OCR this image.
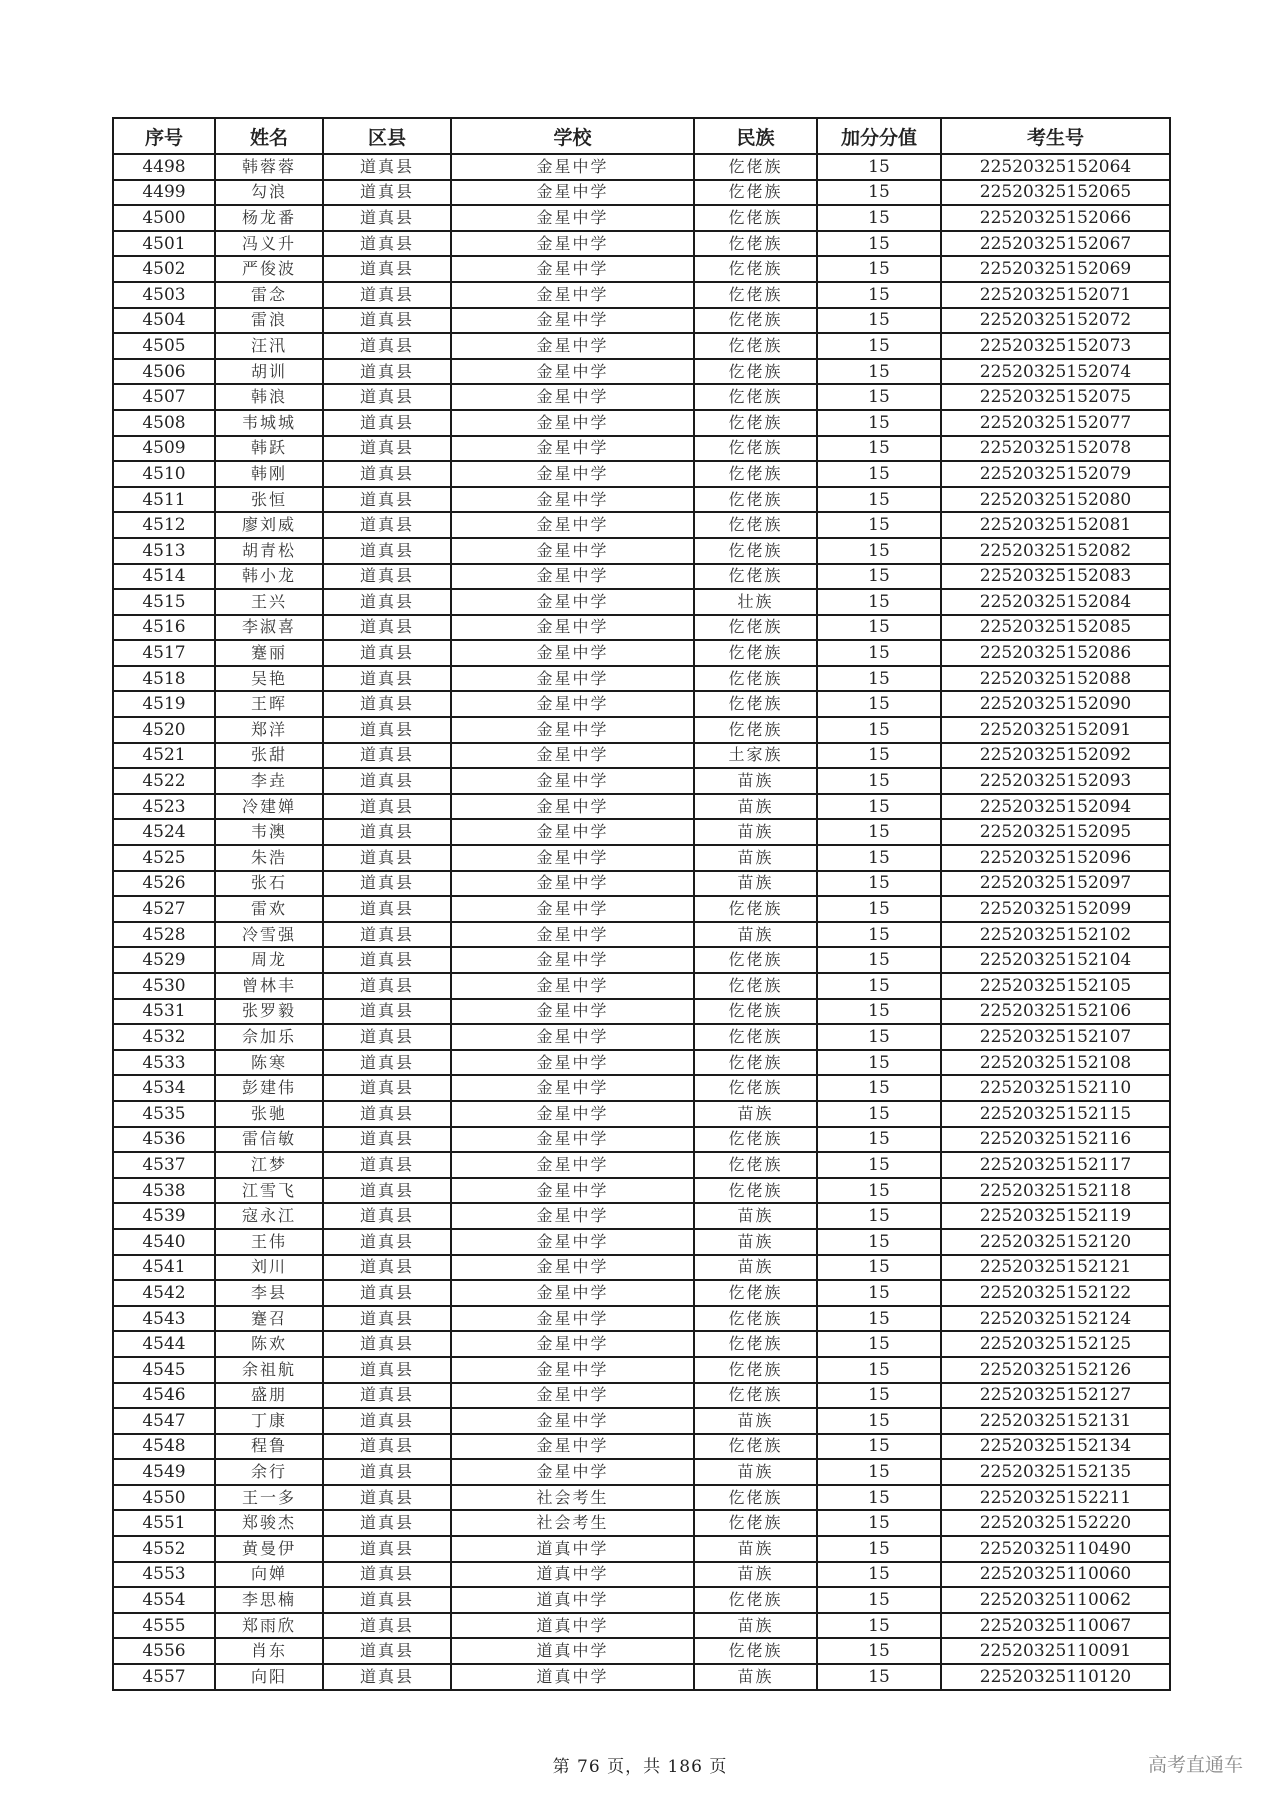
序号	姓名	区县	学校	民族	加分分值	考生号
4498	韩蓉蓉	道真县	金星中学	仡佬族	15	22520325152064
4499	勾浪	道真县	金星中学	仡佬族	15	22520325152065
4500	杨龙番	道真县	金星中学	仡佬族	15	22520325152066
4501	冯义升	道真县	金星中学	仡佬族	15	22520325152067
4502	严俊波	道真县	金星中学	仡佬族	15	22520325152069
4503	雷念	道真县	金星中学	仡佬族	15	22520325152071
4504	雷浪	道真县	金星中学	仡佬族	15	22520325152072
4505	汪汛	道真县	金星中学	仡佬族	15	22520325152073
4506	胡训	道真县	金星中学	仡佬族	15	22520325152074
4507	韩浪	道真县	金星中学	仡佬族	15	22520325152075
4508	韦城城	道真县	金星中学	仡佬族	15	22520325152077
4509	韩跃	道真县	金星中学	仡佬族	15	22520325152078
4510	韩刚	道真县	金星中学	仡佬族	15	22520325152079
4511	张恒	道真县	金星中学	仡佬族	15	22520325152080
4512	廖刘威	道真县	金星中学	仡佬族	15	22520325152081
4513	胡青松	道真县	金星中学	仡佬族	15	22520325152082
4514	韩小龙	道真县	金星中学	仡佬族	15	22520325152083
4515	王兴	道真县	金星中学	壮族	15	22520325152084
4516	李淑喜	道真县	金星中学	仡佬族	15	22520325152085
4517	蹇丽	道真县	金星中学	仡佬族	15	22520325152086
4518	吴艳	道真县	金星中学	仡佬族	15	22520325152088
4519	王晖	道真县	金星中学	仡佬族	15	22520325152090
4520	郑洋	道真县	金星中学	仡佬族	15	22520325152091
4521	张甜	道真县	金星中学	土家族	15	22520325152092
4522	李垚	道真县	金星中学	苗族	15	22520325152093
4523	冷建婵	道真县	金星中学	苗族	15	22520325152094
4524	韦澳	道真县	金星中学	苗族	15	22520325152095
4525	朱浩	道真县	金星中学	苗族	15	22520325152096
4526	张石	道真县	金星中学	苗族	15	22520325152097
4527	雷欢	道真县	金星中学	仡佬族	15	22520325152099
4528	冷雪强	道真县	金星中学	苗族	15	22520325152102
4529	周龙	道真县	金星中学	仡佬族	15	22520325152104
4530	曾林丰	道真县	金星中学	仡佬族	15	22520325152105
4531	张罗毅	道真县	金星中学	仡佬族	15	22520325152106
4532	佘加乐	道真县	金星中学	仡佬族	15	22520325152107
4533	陈寒	道真县	金星中学	仡佬族	15	22520325152108
4534	彭建伟	道真县	金星中学	仡佬族	15	22520325152110
4535	张驰	道真县	金星中学	苗族	15	22520325152115
4536	雷信敏	道真县	金星中学	仡佬族	15	22520325152116
4537	江梦	道真县	金星中学	仡佬族	15	22520325152117
4538	江雪飞	道真县	金星中学	仡佬族	15	22520325152118
4539	寇永江	道真县	金星中学	苗族	15	22520325152119
4540	王伟	道真县	金星中学	苗族	15	22520325152120
4541	刘川	道真县	金星中学	苗族	15	22520325152121
4542	李县	道真县	金星中学	仡佬族	15	22520325152122
4543	蹇召	道真县	金星中学	仡佬族	15	22520325152124
4544	陈欢	道真县	金星中学	仡佬族	15	22520325152125
4545	余祖航	道真县	金星中学	仡佬族	15	22520325152126
4546	盛朋	道真县	金星中学	仡佬族	15	22520325152127
4547	丁康	道真县	金星中学	苗族	15	22520325152131
4548	程鲁	道真县	金星中学	仡佬族	15	22520325152134
4549	余行	道真县	金星中学	苗族	15	22520325152135
4550	王一多	道真县	社会考生	仡佬族	15	22520325152211
4551	郑骏杰	道真县	社会考生	仡佬族	15	22520325152220
4552	黄曼伊	道真县	道真中学	苗族	15	22520325110490
4553	向婵	道真县	道真中学	苗族	15	22520325110060
4554	李思楠	道真县	道真中学	仡佬族	15	22520325110062
4555	郑雨欣	道真县	道真中学	苗族	15	22520325110067
4556	肖东	道真县	道真中学	仡佬族	15	22520325110091
4557	向阳	道真县	道真中学	苗族	15	22520325110120
第 76 页，共 186 页	高考直通车
